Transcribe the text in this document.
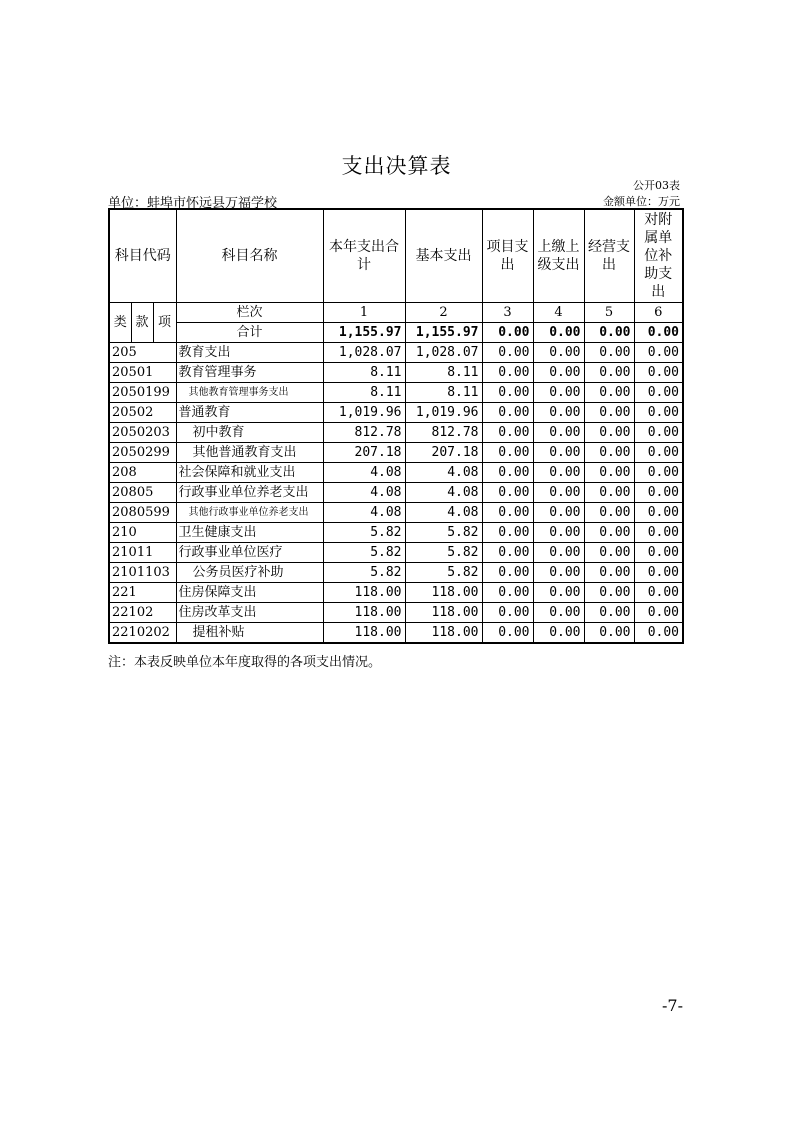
支出决算表
公开03表
单位：蚌埠市怀远县万福学校	金额单位：万元
科目代码			科目名称	本年支出合计	基本支出	项目支出	上缴上级支出	经营支出	对附属单位补助支出
类	款	项	栏次	1	2	3	4	5	6
			合计	1,155.97	1,155.97	0.00	0.00	0.00	0.00
205			教育支出	1,028.07	1,028.07	0.00	0.00	0.00	0.00
20501			教育管理事务	8.11	8.11	0.00	0.00	0.00	0.00
2050199			其他教育管理事务支出	8.11	8.11	0.00	0.00	0.00	0.00
20502			普通教育	1,019.96	1,019.96	0.00	0.00	0.00	0.00
2050203			初中教育	812.78	812.78	0.00	0.00	0.00	0.00
2050299			其他普通教育支出	207.18	207.18	0.00	0.00	0.00	0.00
208			社会保障和就业支出	4.08	4.08	0.00	0.00	0.00	0.00
20805			行政事业单位养老支出	4.08	4.08	0.00	0.00	0.00	0.00
2080599			其他行政事业单位养老支出	4.08	4.08	0.00	0.00	0.00	0.00
210			卫生健康支出	5.82	5.82	0.00	0.00	0.00	0.00
21011			行政事业单位医疗	5.82	5.82	0.00	0.00	0.00	0.00
2101103			公务员医疗补助	5.82	5.82	0.00	0.00	0.00	0.00
221			住房保障支出	118.00	118.00	0.00	0.00	0.00	0.00
22102			住房改革支出	118.00	118.00	0.00	0.00	0.00	0.00
2210202			提租补贴	118.00	118.00	0.00	0.00	0.00	0.00
注：本表反映单位本年度取得的各项支出情况。
-7-
